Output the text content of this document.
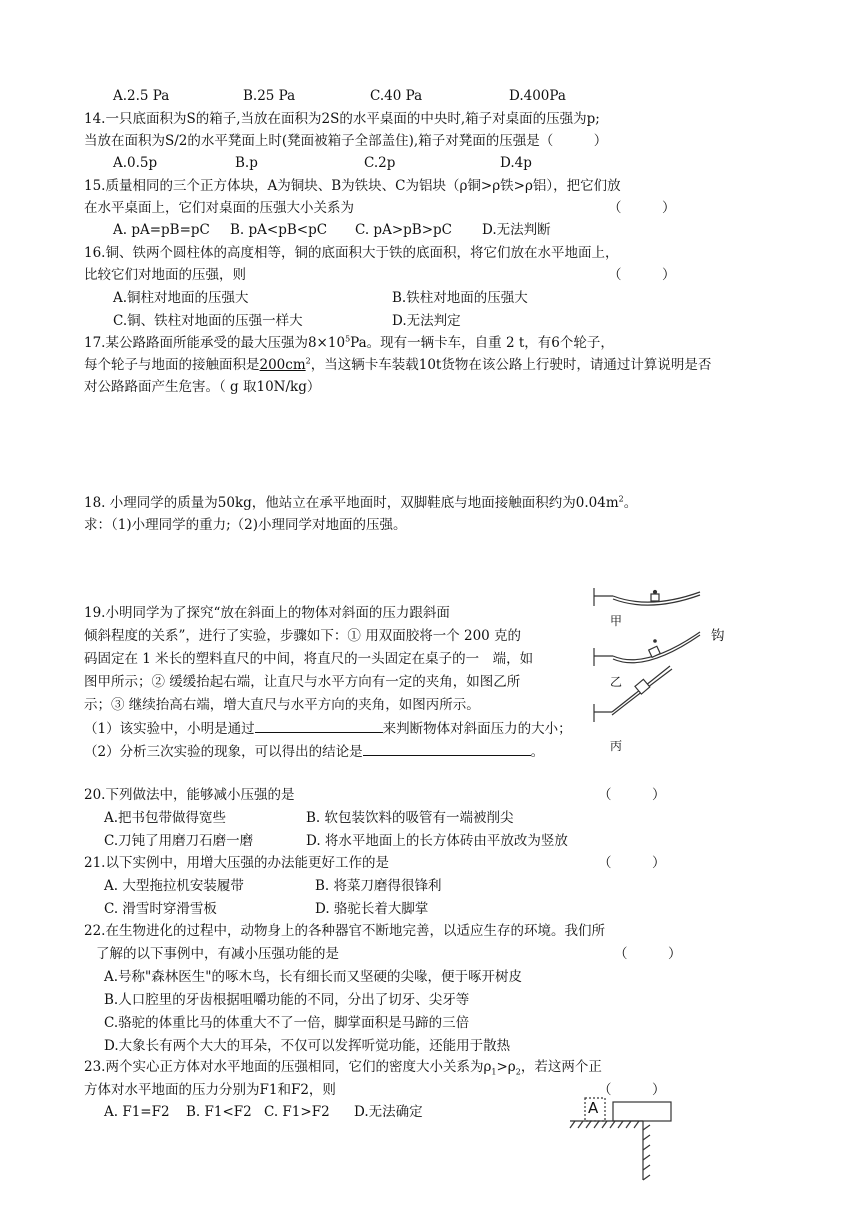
A.2.5 Pa	B.25 Pa	C.40 Pa	D.400Pa
14.一只底面积为S的箱子,当放在面积为2S的水平桌面的中央时,箱子对桌面的压强为p;
当放在面积为S/2的水平凳面上时(凳面被箱子全部盖住),箱子对凳面的压强是（　　　）
A.0.5p	B.p	C.2p	D.4p
15.质量相同的三个正方体块，A为铜块、B为铁块、C为铝块（ρ铜>ρ铁>ρ铝），把它们放
在水平桌面上，它们对桌面的压强大小关系为	（　　　）
A. pA=pB=pC B. pA<pB<pC C. pA>pB>pC D.无法判断
16.铜、铁两个圆柱体的高度相等，铜的底面积大于铁的底面积，将它们放在水平地面上，
比较它们对地面的压强，则	（　　　）
A.铜柱对地面的压强大	B.铁柱对地面的压强大
C.铜、铁柱对地面的压强一样大	D.无法判定
17.某公路路面所能承受的最大压强为$8\times 10^5Pa$。现有一辆卡车，自重 2 t，有6个轮子，
每个轮子与地面的接触面积是$200cm^2$，当这辆卡车装载10t货物在该公路上行驶时，请通过计算说明是否
对公路路面产生危害。（ g 取10N/kg）
18. 小理同学的质量为50kg，他站立在承平地面时，双脚鞋底与地面接触面积约为$0.04m^2$。
求：（1)小理同学的重力;（2)小理同学对地面的压强。
19.小明同学为了探究“放在斜面上的物体对斜面的压力跟斜面
倾斜程度的关系”，进行了实验，步骤如下：① 用双面胶将一个 200 克的	钩
码固定在 1 米长的塑料直尺的中间，将直尺的一头固定在桌子的一　端，如
图甲所示；② 缓缓抬起右端，让直尺与水平方向有一定的夹角，如图乙所
示；③ 继续抬高右端，增大直尺与水平方向的夹角，如图丙所示。
（1）该实验中，小明是通过	来判断物体对斜面压力的大小；
（2）分析三次实验的现象，可以得出的结论是	。
甲
乙
丙
20.下列做法中，能够减小压强的是	（　　　）
A.把书包带做得宽些	B. 软包装饮料的吸管有一端被削尖
C.刀钝了用磨刀石磨一磨	D. 将水平地面上的长方体砖由平放改为竖放
21.以下实例中，用增大压强的办法能更好工作的是	（　　　）
A. 大型拖拉机安装履带	B. 将菜刀磨得很锋利
C. 滑雪时穿滑雪板	D. 骆驼长着大脚掌
22.在生物进化的过程中，动物身上的各种器官不断地完善，以适应生存的环境。我们所
了解的以下事例中，有减小压强功能的是	（　　　）
A.号称"森林医生"的啄木鸟，长有细长而又坚硬的尖喙，便于啄开树皮
B.人口腔里的牙齿根据咀嚼功能的不同，分出了切牙、尖牙等
C.骆驼的体重比马的体重大不了一倍，脚掌面积是马蹄的三倍
D.大象长有两个大大的耳朵，不仅可以发挥听觉功能，还能用于散热
23.两个实心正方体对水平地面的压强相同，它们的密度大小关系为$\rho_1>\rho_2$，若这两个正
方体对水平地面的压力分别为F1和F2，则	（　　　）
A. F1=F2 B. F1<F2 C. F1>F2 D.无法确定	A
